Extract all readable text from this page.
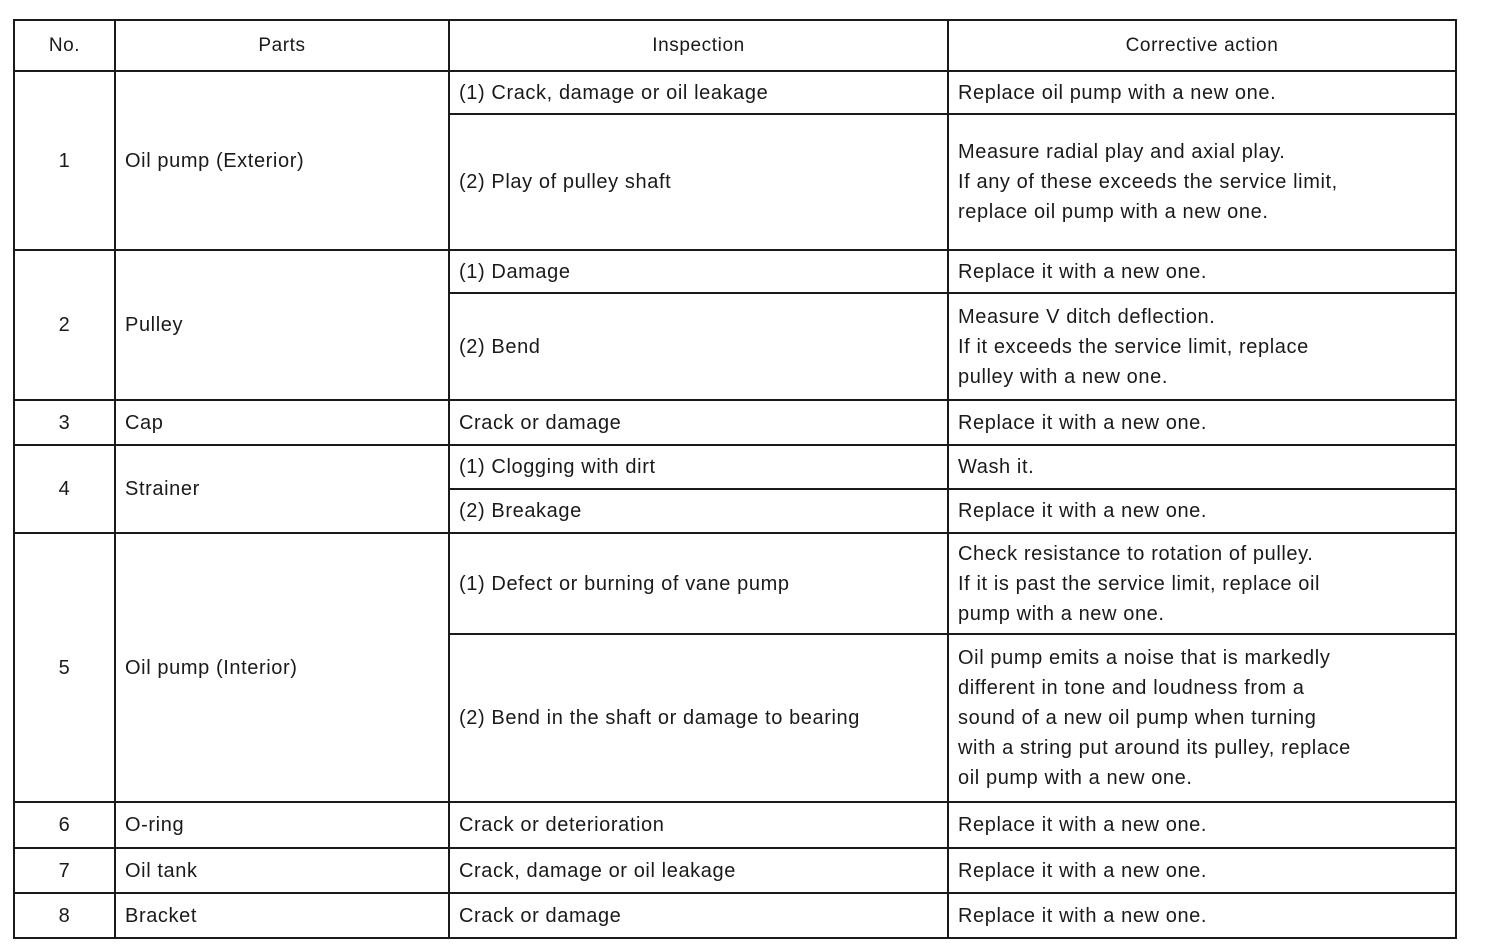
No.	Parts	Inspection	Corrective action
1	Oil pump (Exterior)	(1) Crack, damage or oil leakage	Replace oil pump with a new one.
		(2) Play of pulley shaft	Measure radial play and axial play.
If any of these exceeds the service limit,
replace oil pump with a new one.
2	Pulley	(1) Damage	Replace it with a new one.
		(2) Bend	Measure V ditch deflection.
If it exceeds the service limit, replace
pulley with a new one.
3	Cap	Crack or damage	Replace it with a new one.
4	Strainer	(1) Clogging with dirt	Wash it.
		(2) Breakage	Replace it with a new one.
5	Oil pump (Interior)	(1) Defect or burning of vane pump	Check resistance to rotation of pulley.
If it is past the service limit, replace oil
pump with a new one.
		(2) Bend in the shaft or damage to bearing	Oil pump emits a noise that is markedly
different in tone and loudness from a
sound of a new oil pump when turning
with a string put around its pulley, replace
oil pump with a new one.
6	O-ring	Crack or deterioration	Replace it with a new one.
7	Oil tank	Crack, damage or oil leakage	Replace it with a new one.
8	Bracket	Crack or damage	Replace it with a new one.
